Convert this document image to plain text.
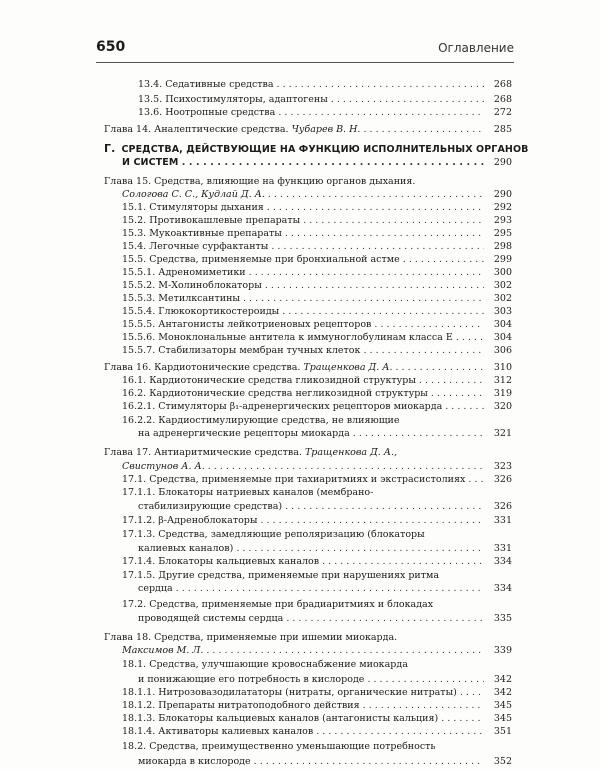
650	Оглавление
13.4. Седативные средства . . .	268
13.5. Психостимуляторы, адаптогены . . .	268
13.6. Ноотропные средства . . .	272
Глава 14. Аналептические средства. Чубарев В. Н. . . .	285
Г. СРЕДСТВА, ДЕЙСТВУЮЩИЕ НА ФУНКЦИЮ ИСПОЛНИТЕЛЬНЫХ ОРГАНОВ
И СИСТЕМ . . .	290
Глава 15. Средства, влияющие на функцию органов дыхания.
Сологова С. С., Кудлай Д. А. . . .	290
15.1. Стимуляторы дыхания . . .	292
15.2. Противокашлевые препараты . . .	293
15.3. Мукоактивные препараты . . .	295
15.4. Легочные сурфактанты . . .	298
15.5. Средства, применяемые при бронхиальной астме . . .	299
15.5.1. Адреномиметики . . .	300
15.5.2. М-Холиноблокаторы . . .	302
15.5.3. Метилксантины . . .	302
15.5.4. Глюкокортикостероиды . . .	303
15.5.5. Антагонисты лейкотриеновых рецепторов . . .	304
15.5.6. Моноклональные антитела к иммуноглобулинам класса E . . .	304
15.5.7. Стабилизаторы мембран тучных клеток . . .	306
Глава 16. Кардиотонические средства. Тращенкова Д. А. . . .	310
16.1. Кардиотонические средства гликозидной структуры . . .	312
16.2. Кардиотонические средства негликозидной структуры . . .	319
16.2.1. Стимуляторы β₁-адренергических рецепторов миокарда . . .	320
16.2.2. Кардиостимулирующие средства, не влияющие
на адренергические рецепторы миокарда . . .	321
Глава 17. Антиаритмические средства. Тращенкова Д. А.,
Свистунов А. А. . . .	323
17.1. Средства, применяемые при тахиаритмиях и экстрасистолиях . . .	326
17.1.1. Блокаторы натриевых каналов (мембрано-
стабилизирующие средства) . . .	326
17.1.2. β-Адреноблокаторы . . .	331
17.1.3. Средства, замедляющие реполяризацию (блокаторы
калиевых каналов) . . .	331
17.1.4. Блокаторы кальциевых каналов . . .	334
17.1.5. Другие средства, применяемые при нарушениях ритма
сердца . . .	334
17.2. Средства, применяемые при брадиаритмиях и блокадах
проводящей системы сердца . . .	335
Глава 18. Средства, применяемые при ишемии миокарда.
Максимов М. Л. . . .	339
18.1. Средства, улучшающие кровоснабжение миокарда
и понижающие его потребность в кислороде . . .	342
18.1.1. Нитрозовазодилататоры (нитраты, органические нитраты) . . .	342
18.1.2. Препараты нитратоподобного действия . . .	345
18.1.3. Блокаторы кальциевых каналов (антагонисты кальция) . . .	345
18.1.4. Активаторы калиевых каналов . . .	351
18.2. Средства, преимущественно уменьшающие потребность
миокарда в кислороде . . .	352
